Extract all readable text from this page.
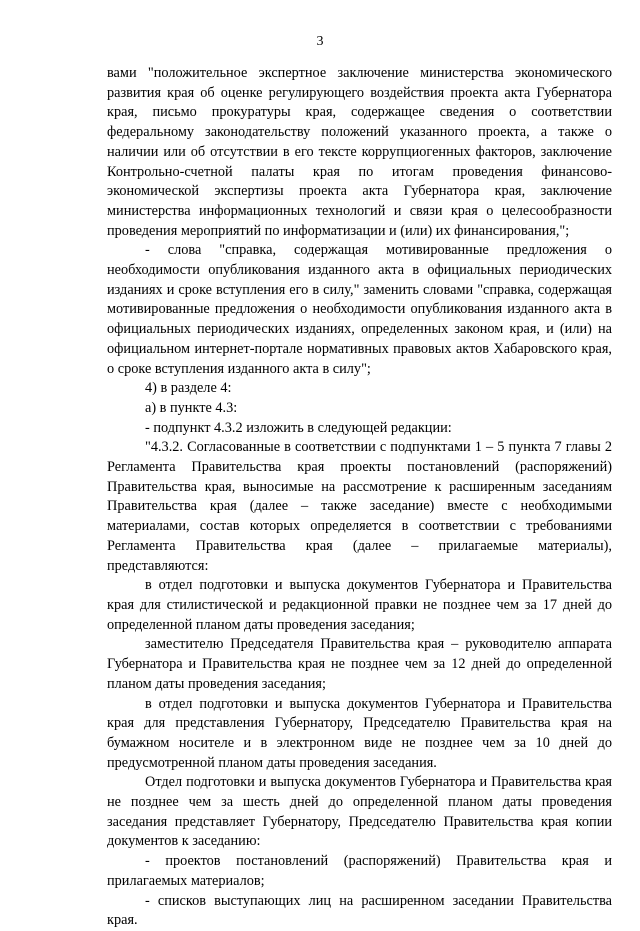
3

вами "положительное экспертное заключение министерства экономического развития края об оценке регулирующего воздействия проекта акта Губернатора края, письмо прокуратуры края, содержащее сведения о соответствии федеральному законодательству положений указанного проекта, а также о наличии или об отсутствии в его тексте коррупциогенных факторов, заключение Контрольно-счетной палаты края по итогам проведения финансово-экономической экспертизы проекта акта Губернатора края, заключение министерства информационных технологий и связи края о целесообразности проведения мероприятий по информатизации и (или) их финансирования,";

- слова "справка, содержащая мотивированные предложения о необходимости опубликования изданного акта в официальных периодических изданиях и сроке вступления его в силу," заменить словами "справка, содержащая мотивированные предложения о необходимости опубликования изданного акта в официальных периодических изданиях, определенных законом края, и (или) на официальном интернет-портале нормативных правовых актов Хабаровского края, о сроке вступления изданного акта в силу";

4) в разделе 4:

а) в пункте 4.3:

- подпункт 4.3.2 изложить в следующей редакции:

"4.3.2. Согласованные в соответствии с подпунктами 1 – 5 пункта 7 главы 2 Регламента Правительства края проекты постановлений (распоряжений) Правительства края, выносимые на рассмотрение к расширенным заседаниям Правительства края (далее – также заседание) вместе с необходимыми материалами, состав которых определяется в соответствии с требованиями Регламента Правительства края (далее – прилагаемые материалы), представляются:

в отдел подготовки и выпуска документов Губернатора и Правительства края для стилистической и редакционной правки не позднее чем за 17 дней до определенной планом даты проведения заседания;

заместителю Председателя Правительства края – руководителю аппарата Губернатора и Правительства края не позднее чем за 12 дней до определенной планом даты проведения заседания;

в отдел подготовки и выпуска документов Губернатора и Правительства края для представления Губернатору, Председателю Правительства края на бумажном носителе и в электронном виде не позднее чем за 10 дней до предусмотренной планом даты проведения заседания.

Отдел подготовки и выпуска документов Губернатора и Правительства края не позднее чем за шесть дней до определенной планом даты проведения заседания представляет Губернатору, Председателю Правительства края копии документов к заседанию:

- проектов постановлений (распоряжений) Правительства края и прилагаемых материалов;

- списков выступающих лиц на расширенном заседании Правительства края.
